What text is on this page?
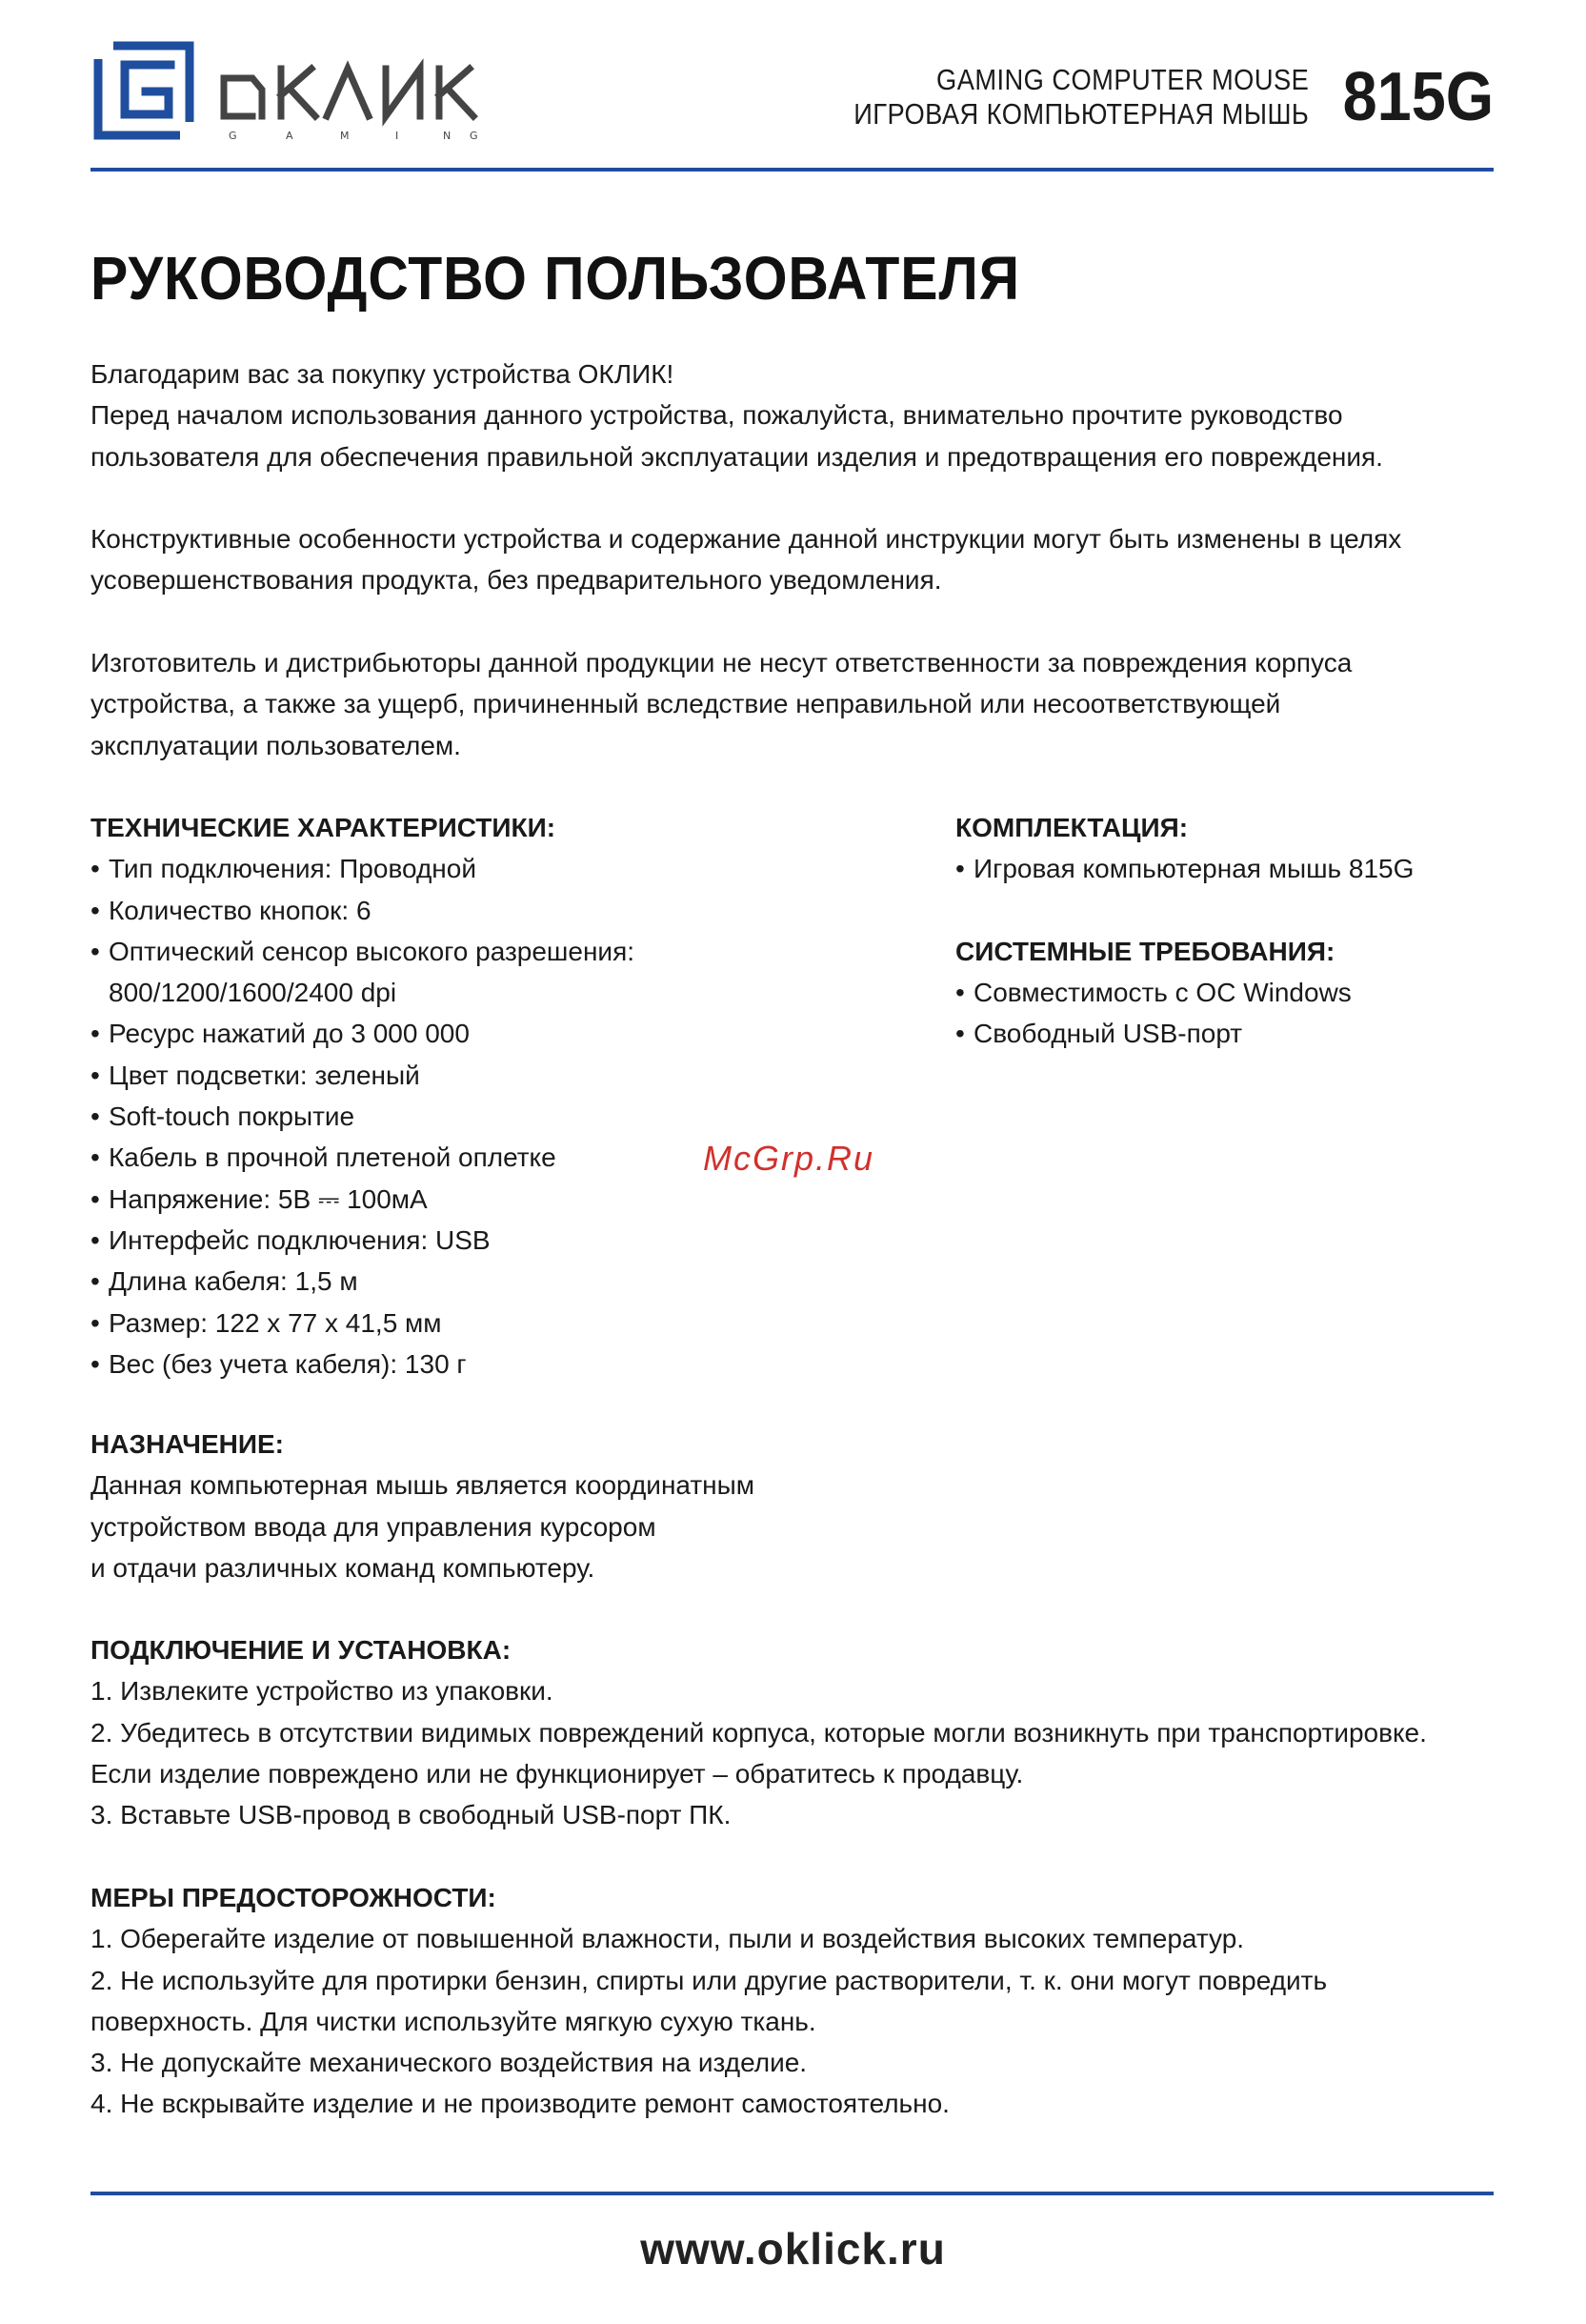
G	A	M	I	N G
GAMING COMPUTER MOUSE
ИГРОВАЯ КОМПЬЮТЕРНАЯ МЫШЬ 815G
РУКОВОДСТВО ПОЛЬЗОВАТЕЛЯ

Благодарим вас за покупку устройства ОКЛИК!

Перед началом использования данного устройства, пожалуйста, внимательно прочтите руководство

пользователя для обеспечения правильной эксплуатации изделия и предотвращения его повреждения.

Конструктивные особенности устройства и содержание данной инструкции могут быть изменены в целях

усовершенствования продукта, без предварительного уведомления.

Изготовитель и дистрибьюторы данной продукции не несут ответственности за повреждения корпуса

устройства, а также за ущерб, причиненный вследствие неправильной или несоответствующей

эксплуатации пользователем.

ТЕХНИЧЕСКИЕ ХАРАКТЕРИСТИКИ:

• Тип подключения: Проводной
• Количество кнопок: 6
• Оптический сенсор высокого разрешения:
800/1200/1600/2400 dpi
• Ресурс нажатий до 3 000 000
• Цвет подсветки: зеленый
• Soft-touch покрытие
• Кабель в прочной плетеной оплетке
• Напряжение: 5В ⎓ 100мА
• Интерфейс подключения: USB
• Длина кабеля: 1,5 м
• Размер: 122 х 77 х 41,5 мм
• Вес (без учета кабеля): 130 г

КОМПЛЕКТАЦИЯ:

• Игровая компьютерная мышь 815G

СИСТЕМНЫЕ ТРЕБОВАНИЯ:

• Совместимость с ОС Windows
• Свободный USB-порт
McGrp.Ru

НАЗНАЧЕНИЕ:

Данная компьютерная мышь является координатным

устройством ввода для управления курсором

и отдачи различных команд компьютеру.

ПОДКЛЮЧЕНИЕ И УСТАНОВКА:

1. Извлеките устройство из упаковки.

2. Убедитесь в отсутствии видимых повреждений корпуса, которые могли возникнуть при транспортировке.

Если изделие повреждено или не функционирует – обратитесь к продавцу.

3. Вставьте USB-провод в свободный USB-порт ПК.

МЕРЫ ПРЕДОСТОРОЖНОСТИ:

1. Оберегайте изделие от повышенной влажности, пыли и воздействия высоких температур.

2. Не используйте для протирки бензин, спирты или другие растворители, т. к. они могут повредить

поверхность. Для чистки используйте мягкую сухую ткань.

3. Не допускайте механического воздействия на изделие.

4. Не вскрывайте изделие и не производите ремонт самостоятельно.

www.oklick.ru
